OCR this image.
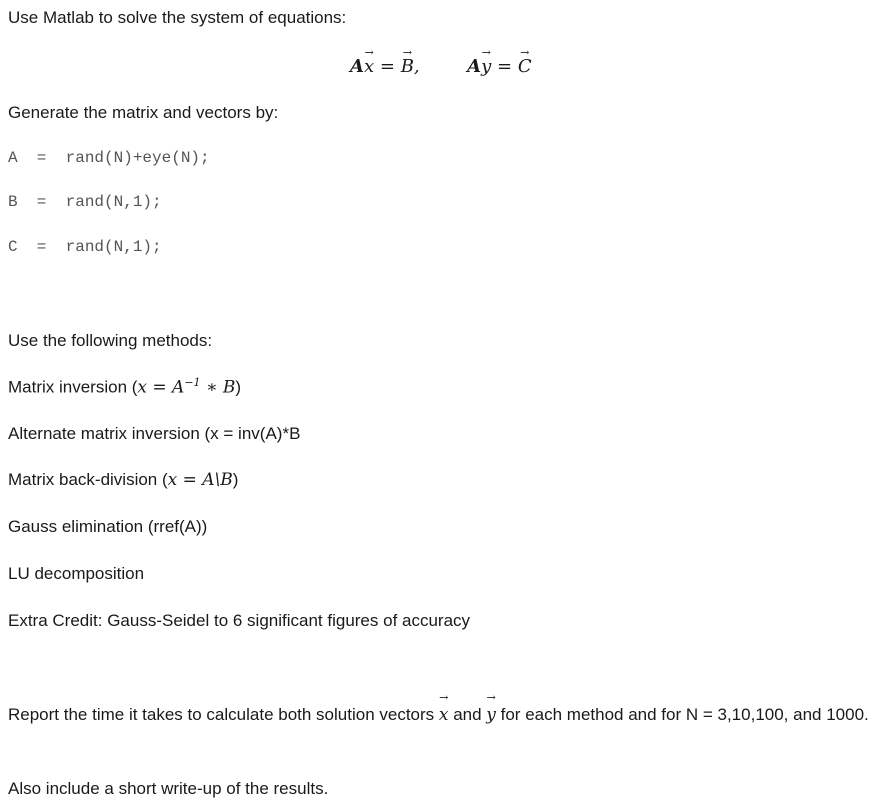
Use Matlab to solve the system of equations:
A
→
x =
→
B,	A
→
y =
→
C
Generate the matrix and vectors by:
A  =  rand(N)+eye(N);
B  =  rand(N,1);
C  =  rand(N,1);
Use the following methods:
Matrix inversion ($x = A^{-1}$ ∗ B)
Alternate matrix inversion (x = inv(A)*B
Matrix back-division (x = A\B)
Gauss elimination (rref(A))
LU decomposition
Extra Credit: Gauss-Seidel to 6 significant figures of accuracy
Report the time it takes to calculate both solution vectors
→
x and
→
y for each method and for N = 3,10,100, and 1000.
Also include a short write-up of the results.
